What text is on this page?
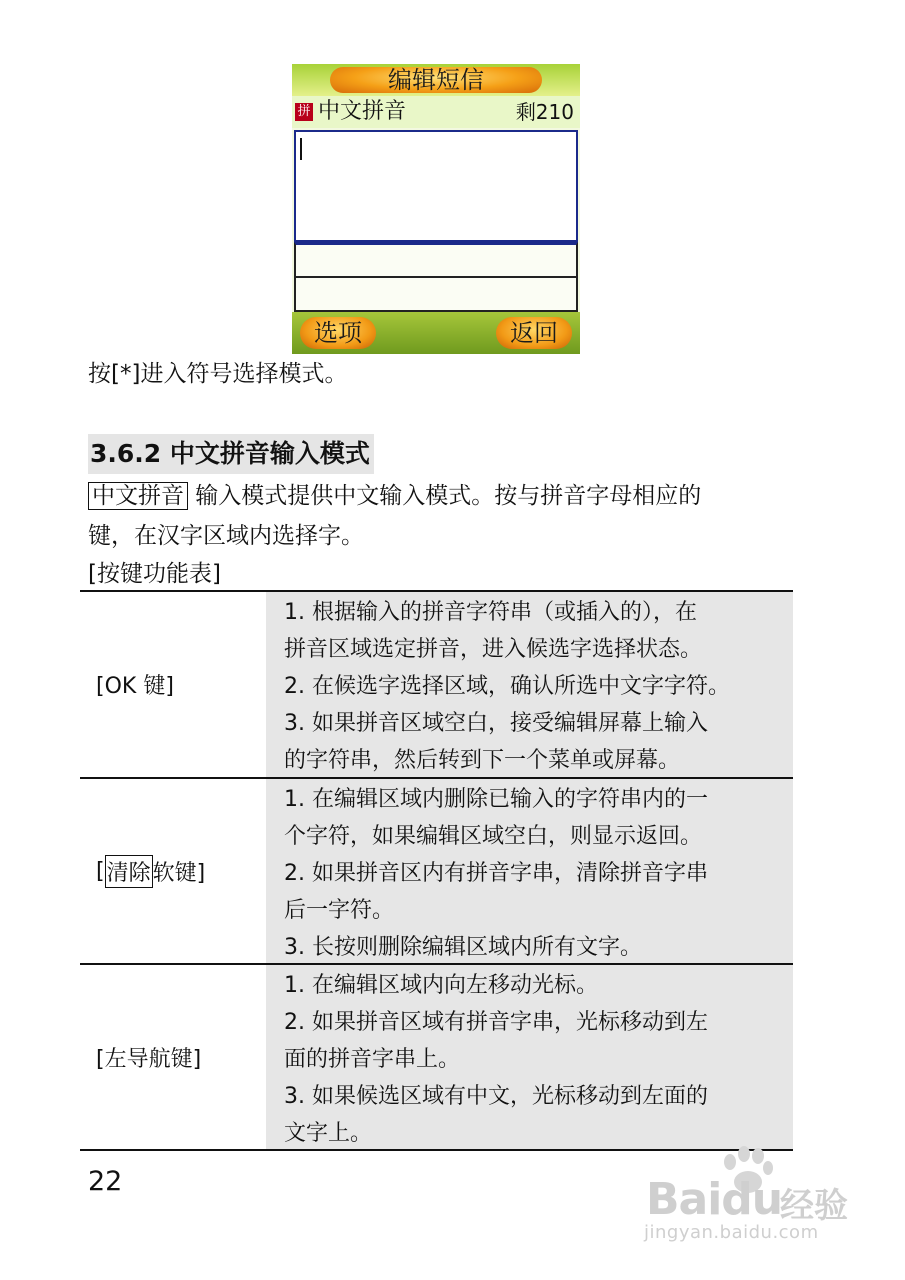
编辑短信
拼 中文拼音	剩210
选项	返回
按[*]进入符号选择模式。
3.6.2 中文拼音输入模式
中文拼音 输入模式提供中文输入模式。按与拼音字母相应的
键，在汉字区域内选择字。
[按键功能表]
[OK 键]
1. 根据输入的拼音字符串（或插入的），在
拼音区域选定拼音，进入候选字选择状态。
2. 在候选字选择区域，确认所选中文字字符。
3. 如果拼音区域空白，接受编辑屏幕上输入
的字符串，然后转到下一个菜单或屏幕。
[ 清除 软键]
1. 在编辑区域内删除已输入的字符串内的一
个字符，如果编辑区域空白，则显示返回。
2. 如果拼音区内有拼音字串，清除拼音字串
后一字符。
3. 长按则删除编辑区域内所有文字。
[左导航键]
1. 在编辑区域内向左移动光标。
2. 如果拼音区域有拼音字串，光标移动到左
面的拼音字串上。
3. 如果候选区域有中文，光标移动到左面的
文字上。
22	Baidu
经验
jingyan.baidu.com
